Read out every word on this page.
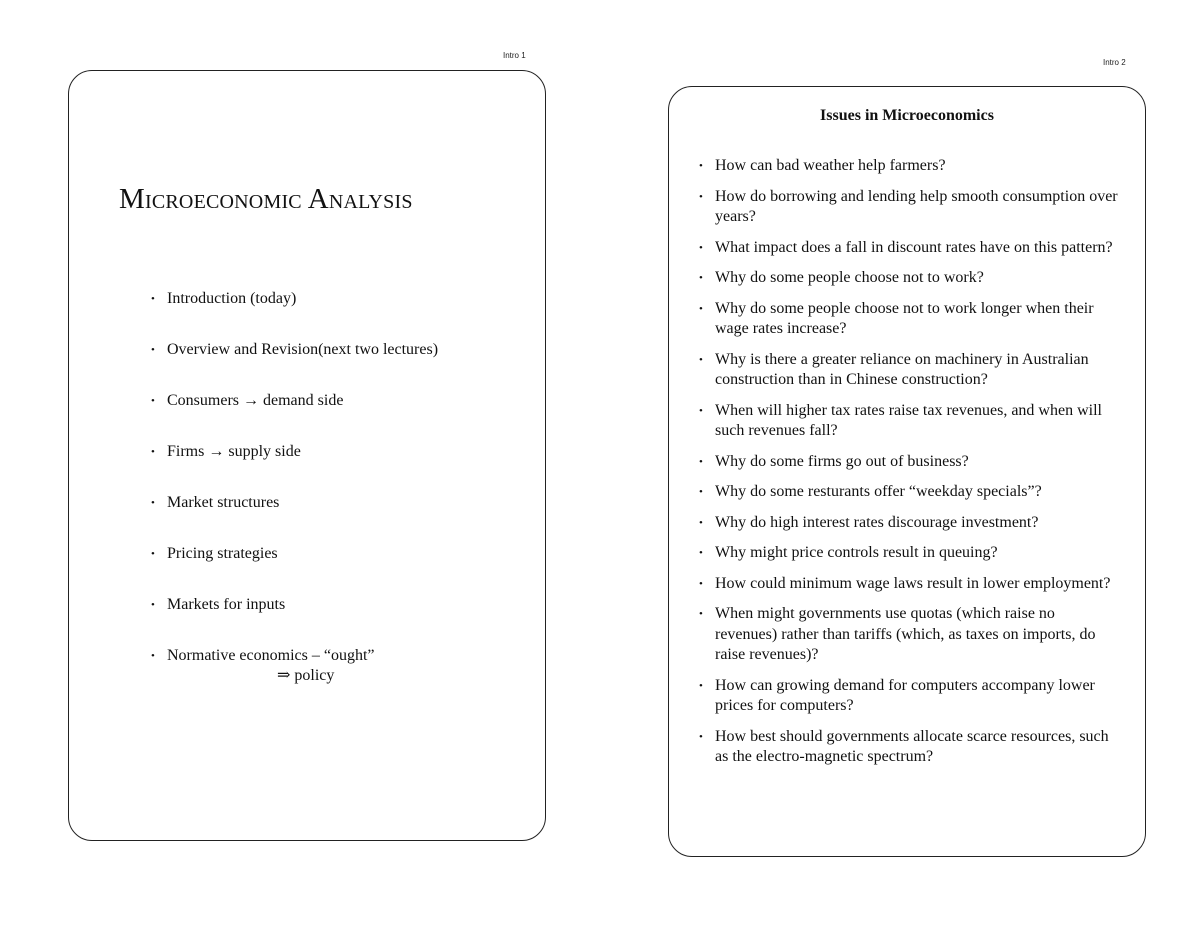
Intro 1
Microeconomic Analysis
• Introduction (today)
• Overview and Revision(next two lectures)
• Consumers → demand side
• Firms → supply side
• Market structures
• Pricing strategies
• Markets for inputs
• Normative economics – “ought”
⇒ policy
Intro 2
Issues in Microeconomics
• How can bad weather help farmers?
• How do borrowing and lending help smooth consumption over years?
• What impact does a fall in discount rates have on this pattern?
• Why do some people choose not to work?
• Why do some people choose not to work longer when their wage rates increase?
• Why is there a greater reliance on machinery in Australian construction than in Chinese construction?
• When will higher tax rates raise tax revenues, and when will such revenues fall?
• Why do some firms go out of business?
• Why do some resturants offer “weekday specials”?
• Why do high interest rates discourage investment?
• Why might price controls result in queuing?
• How could minimum wage laws result in lower employment?
• When might governments use quotas (which raise no revenues) rather than tariffs (which, as taxes on imports, do raise revenues)?
• How can growing demand for computers accompany lower prices for computers?
• How best should governments allocate scarce resources, such as the electro-magnetic spectrum?
